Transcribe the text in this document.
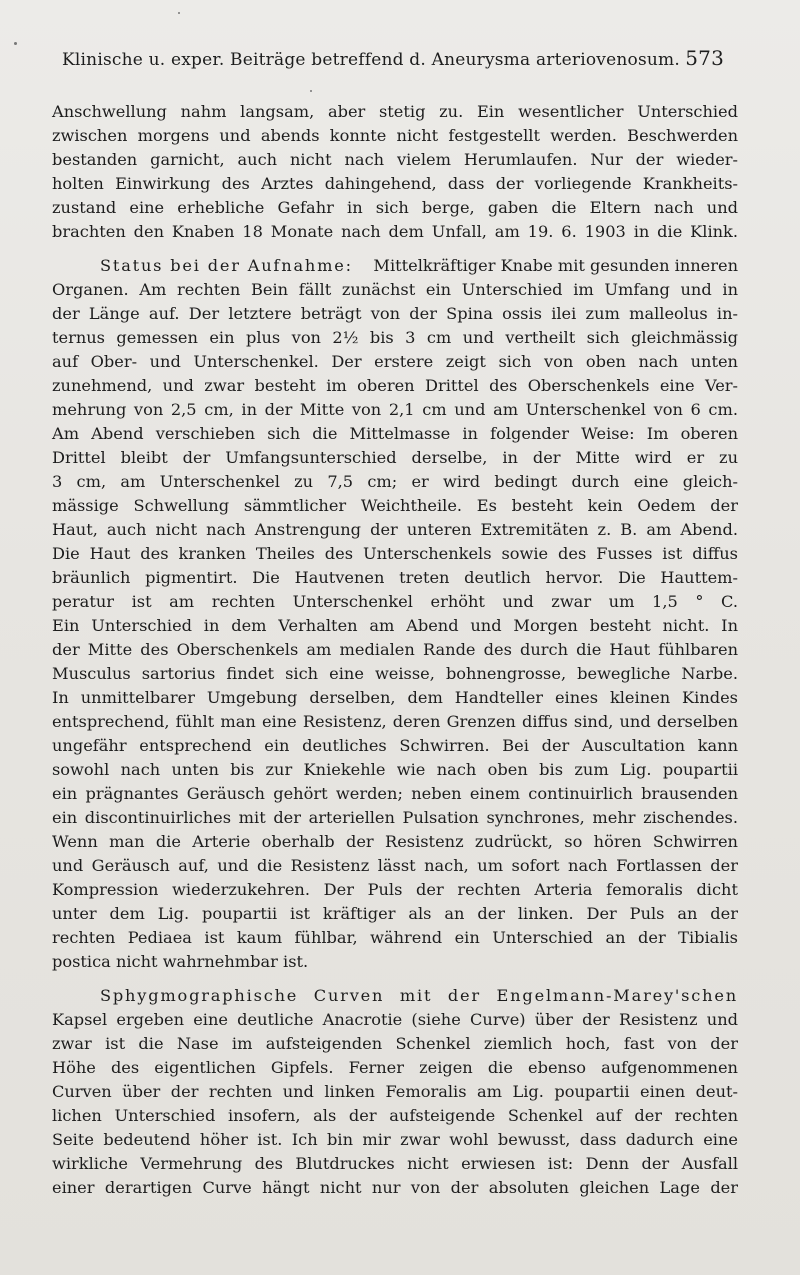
Klinische u. exper. Beiträge betreffend d. Aneurysma arteriovenosum. 573
Anschwellung nahm langsam, aber stetig zu. Ein wesentlicher Unterschied
zwischen morgens und abends konnte nicht festgestellt werden. Beschwerden
bestanden garnicht, auch nicht nach vielem Herumlaufen. Nur der wieder-
holten Einwirkung des Arztes dahingehend, dass der vorliegende Krankheits-
zustand eine erhebliche Gefahr in sich berge, gaben die Eltern nach und
brachten den Knaben 18 Monate nach dem Unfall, am 19. 6. 1903 in die Klink.
Status bei der Aufnahme: Mittelkräftiger Knabe mit gesunden inneren
Organen. Am rechten Bein fällt zunächst ein Unterschied im Umfang und in
der Länge auf. Der letztere beträgt von der Spina ossis ilei zum malleolus in-
ternus gemessen ein plus von 2½ bis 3 cm und vertheilt sich gleichmässig
auf Ober- und Unterschenkel. Der erstere zeigt sich von oben nach unten
zunehmend, und zwar besteht im oberen Drittel des Oberschenkels eine Ver-
mehrung von 2,5 cm, in der Mitte von 2,1 cm und am Unterschenkel von 6 cm.
Am Abend verschieben sich die Mittelmasse in folgender Weise: Im oberen
Drittel bleibt der Umfangsunterschied derselbe, in der Mitte wird er zu
3 cm, am Unterschenkel zu 7,5 cm; er wird bedingt durch eine gleich-
mässige Schwellung sämmtlicher Weichtheile. Es besteht kein Oedem der
Haut, auch nicht nach Anstrengung der unteren Extremitäten z. B. am Abend.
Die Haut des kranken Theiles des Unterschenkels sowie des Fusses ist diffus
bräunlich pigmentirt. Die Hautvenen treten deutlich hervor. Die Hauttem-
peratur ist am rechten Unterschenkel erhöht und zwar um 1,5 ° C.
Ein Unterschied in dem Verhalten am Abend und Morgen besteht nicht. In
der Mitte des Oberschenkels am medialen Rande des durch die Haut fühlbaren
Musculus sartorius findet sich eine weisse, bohnengrosse, bewegliche Narbe.
In unmittelbarer Umgebung derselben, dem Handteller eines kleinen Kindes
entsprechend, fühlt man eine Resistenz, deren Grenzen diffus sind, und derselben
ungefähr entsprechend ein deutliches Schwirren. Bei der Auscultation kann
sowohl nach unten bis zur Kniekehle wie nach oben bis zum Lig. poupartii
ein prägnantes Geräusch gehört werden; neben einem continuirlich brausenden
ein discontinuirliches mit der arteriellen Pulsation synchrones, mehr zischendes.
Wenn man die Arterie oberhalb der Resistenz zudrückt, so hören Schwirren
und Geräusch auf, und die Resistenz lässt nach, um sofort nach Fortlassen der
Kompression wiederzukehren. Der Puls der rechten Arteria femoralis dicht
unter dem Lig. poupartii ist kräftiger als an der linken. Der Puls an der
rechten Pediaea ist kaum fühlbar, während ein Unterschied an der Tibialis
postica nicht wahrnehmbar ist.
Sphygmographische Curven mit der Engelmann-Marey'schen
Kapsel ergeben eine deutliche Anacrotie (siehe Curve) über der Resistenz und
zwar ist die Nase im aufsteigenden Schenkel ziemlich hoch, fast von der
Höhe des eigentlichen Gipfels. Ferner zeigen die ebenso aufgenommenen
Curven über der rechten und linken Femoralis am Lig. poupartii einen deut-
lichen Unterschied insofern, als der aufsteigende Schenkel auf der rechten
Seite bedeutend höher ist. Ich bin mir zwar wohl bewusst, dass dadurch eine
wirkliche Vermehrung des Blutdruckes nicht erwiesen ist: Denn der Ausfall
einer derartigen Curve hängt nicht nur von der absoluten gleichen Lage der
